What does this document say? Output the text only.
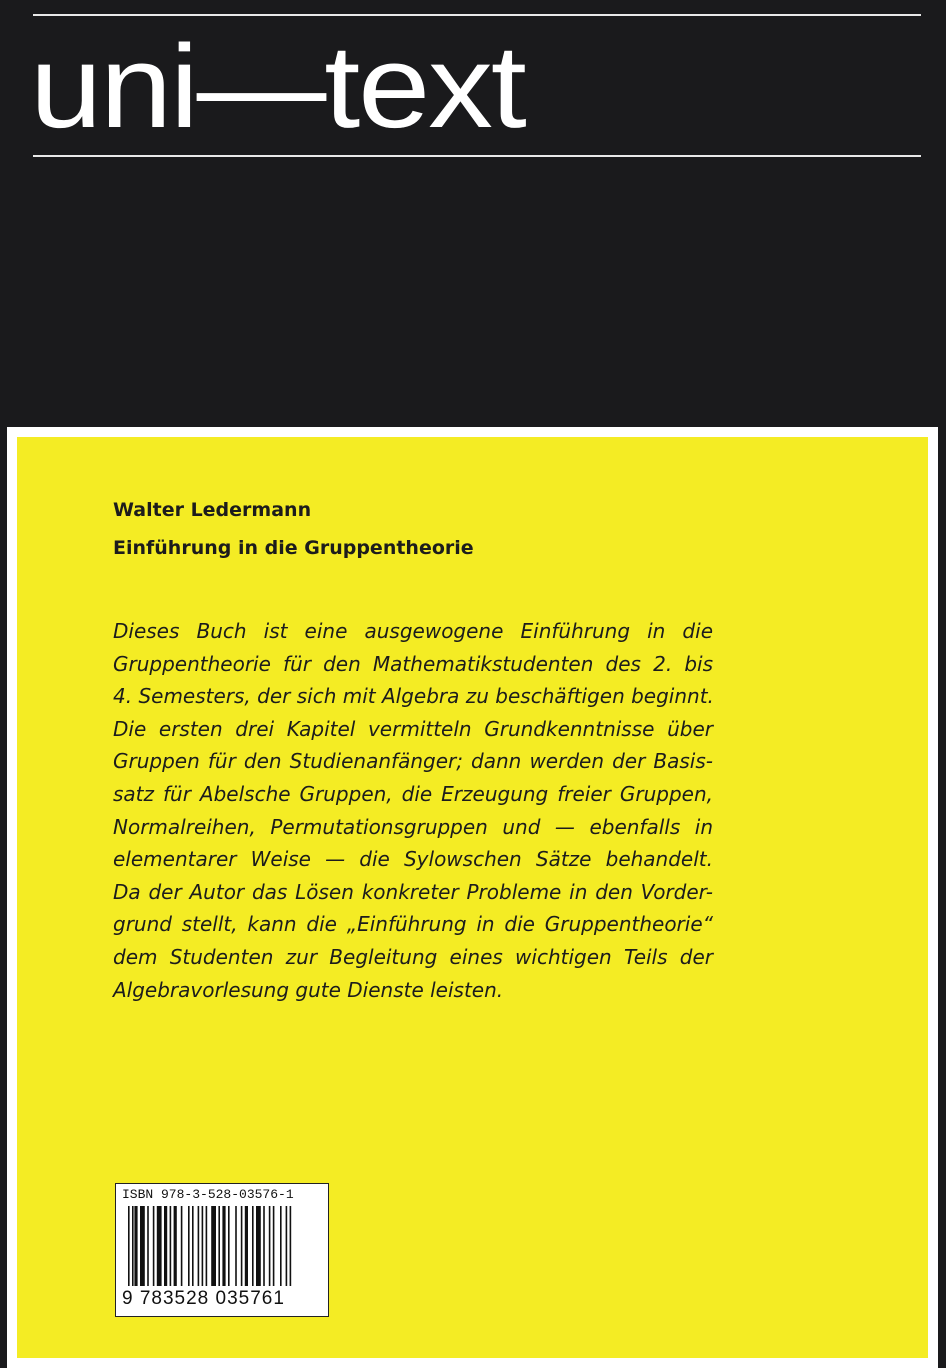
uni—text
Walter Ledermann
Einführung in die Gruppentheorie
Dieses Buch ist eine ausgewogene Einführung in die
Gruppentheorie für den Mathematikstudenten des 2. bis
4. Semesters, der sich mit Algebra zu beschäftigen beginnt.
Die ersten drei Kapitel vermitteln Grundkenntnisse über
Gruppen für den Studienanfänger; dann werden der Basis-
satz für Abelsche Gruppen, die Erzeugung freier Gruppen,
Normalreihen, Permutationsgruppen und — ebenfalls in
elementarer Weise — die Sylowschen Sätze behandelt.
Da der Autor das Lösen konkreter Probleme in den Vorder-
grund stellt, kann die „Einführung in die Gruppentheorie“
dem Studenten zur Begleitung eines wichtigen Teils der
Algebravorlesung gute Dienste leisten.
ISBN 978-3-528-03576-1
9 783528 035761
